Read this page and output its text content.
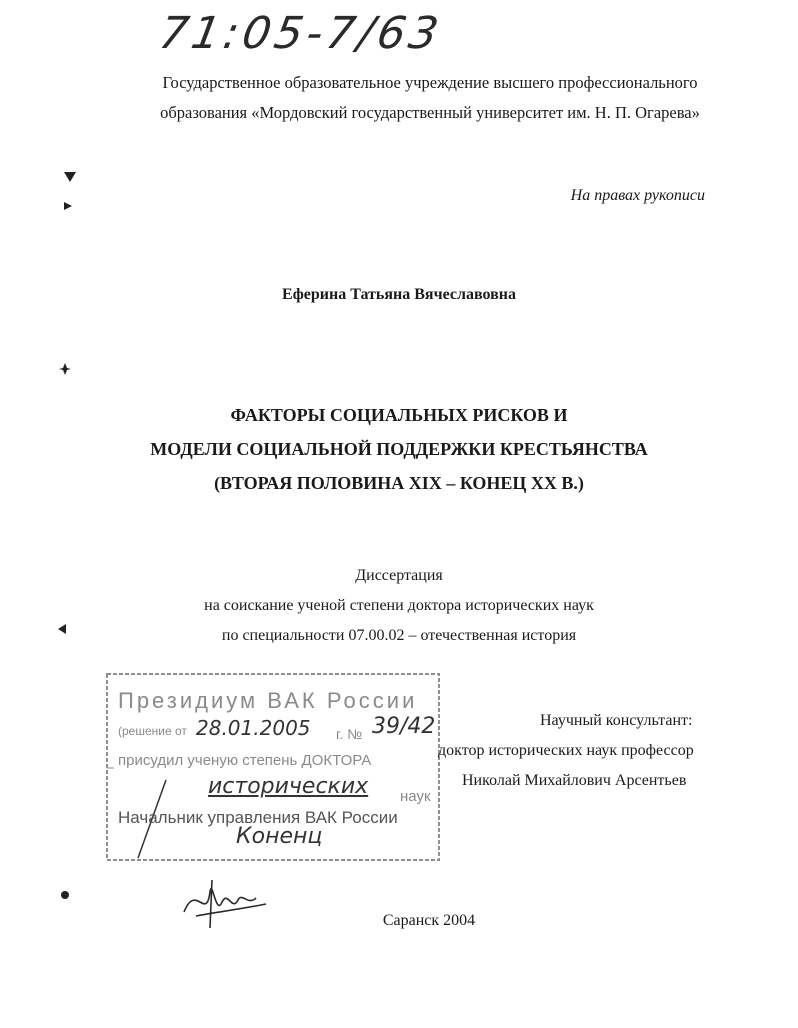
71:05-7/63
Государственное образовательное учреждение высшего профессионального
образования «Мордовский государственный университет им. Н. П. Огарева»
На правах рукописи
Еферина Татьяна Вячеславовна
ФАКТОРЫ СОЦИАЛЬНЫХ РИСКОВ И
МОДЕЛИ СОЦИАЛЬНОЙ ПОДДЕРЖКИ КРЕСТЬЯНСТВА
(ВТОРАЯ ПОЛОВИНА XIX – КОНЕЦ XX В.)
Диссертация
на соискание ученой степени доктора исторических наук
по специальности 07.00.02 – отечественная история
Президиум ВАК России
(решение от 28.01.2005 г. № 39/42
присудил ученую степень ДОКТОРА
исторических наук
Начальник управления ВАК России
Коненц
Научный консультант:
доктор исторических наук профессор
Николай Михайлович Арсентьев
Саранск 2004
